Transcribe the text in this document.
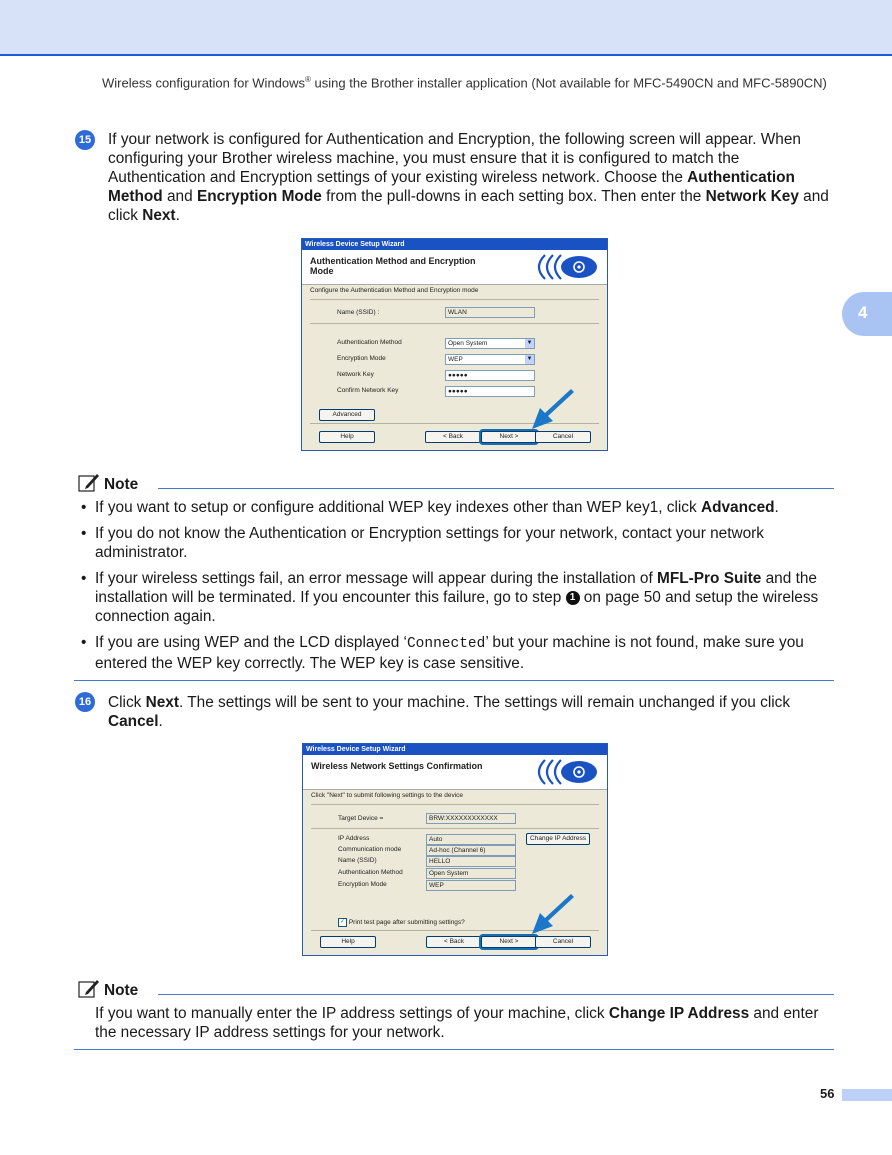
Wireless configuration for Windows® using the Brother installer application (Not available for MFC-5490CN and MFC-5890CN)
4
15 If your network is configured for Authentication and Encryption, the following screen will appear. When configuring your Brother wireless machine, you must ensure that it is configured to match the Authentication and Encryption settings of your existing wireless network. Choose the Authentication Method and Encryption Mode from the pull-downs in each setting box. Then enter the Network Key and click Next.
Wireless Device Setup Wizard
Authentication Method and Encryption Mode
Configure the Authentication Method and Encryption mode
Name (SSID) :	WLAN
Authentication Method	Open System	▼
Encryption Mode	WEP	▼
Network Key	●●●●●
Confirm Network Key	●●●●●
Advanced
Help	< Back	Next >	Cancel
Note
• If you want to setup or configure additional WEP key indexes other than WEP key1, click Advanced.
• If you do not know the Authentication or Encryption settings for your network, contact your network administrator.
• If your wireless settings fail, an error message will appear during the installation of MFL-Pro Suite and the installation will be terminated. If you encounter this failure, go to step 1 on page 50 and setup the wireless connection again.
• If you are using WEP and the LCD displayed ‘Connected’ but your machine is not found, make sure you entered the WEP key correctly. The WEP key is case sensitive.
16 Click Next. The settings will be sent to your machine. The settings will remain unchanged if you click Cancel.
Wireless Device Setup Wizard
Wireless Network Settings Confirmation
Click "Next" to submit following settings to the device
Target Device =	BRW:XXXXXXXXXXXX
IP Address	Auto	Change IP Address
Communication mode	Ad-hoc (Channel 6)
Name (SSID)	HELLO
Authentication Method	Open System
Encryption Mode	WEP
✓ Print test page after submitting settings?
Help	< Back	Next >	Cancel
Note
If you want to manually enter the IP address settings of your machine, click Change IP Address and enter the necessary IP address settings for your network.
56
